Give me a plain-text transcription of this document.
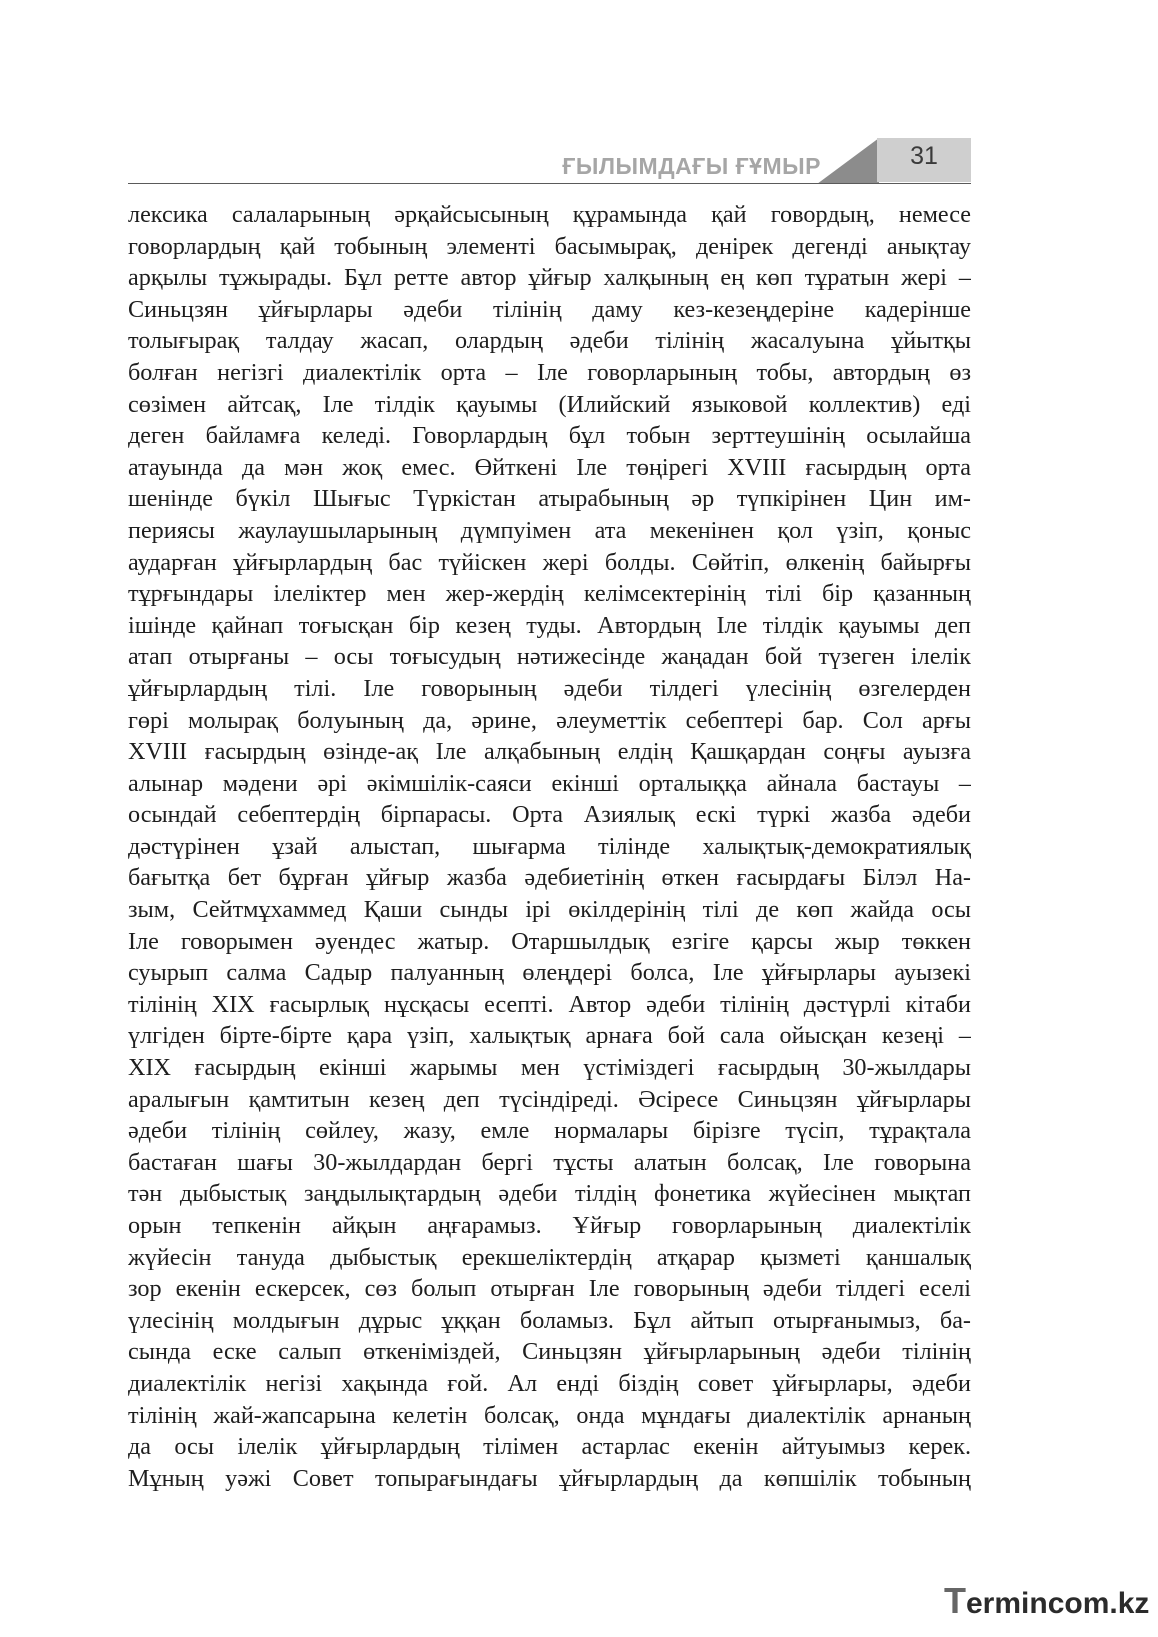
ҒЫЛЫМДАҒЫ ҒҰМЫР	31
лексика салаларының әрқайсысының құрамында қай говордың, немесе
говорлардың қай тобының элементі басымырақ, денірек дегенді анықтау
арқылы тұжырады. Бұл ретте автор ұйғыр халқының ең көп тұратын жері –
Синьцзян ұйғырлары әдеби тілінің даму кез-кезеңдеріне кадерінше
толығырақ талдау жасап, олардың әдеби тілінің жасалуына ұйытқы
болған негізгі диалектілік орта – Іле говорларының тобы, автордың өз
сөзімен айтсақ, Іле тілдік қауымы (Илийский языковой коллектив) еді
деген байламға келеді. Говорлардың бұл тобын зерттеушінің осылайша
атауында да мән жоқ емес. Өйткені Іле төңірегі XVIII ғасырдың орта
шенінде бүкіл Шығыс Түркістан атырабының әр түпкірінен Цин им-
периясы жаулаушыларының дүмпуімен ата мекенінен қол үзіп, қоныс
аударған ұйғырлардың бас түйіскен жері болды. Сөйтіп, өлкенің байырғы
тұрғындары ілеліктер мен жер-жердің келімсектерінің тілі бір қазанның
ішінде қайнап тоғысқан бір кезең туды. Автордың Іле тілдік қауымы деп
атап отырғаны – осы тоғысудың нәтижесінде жаңадан бой түзеген ілелік
ұйғырлардың тілі. Іле говорының әдеби тілдегі үлесінің өзгелерден
гөрі молырақ болуының да, әрине, әлеуметтік себептері бар. Сол арғы
XVIII ғасырдың өзінде-ақ Іле алқабының елдің Қашқардан соңғы ауызға
алынар мәдени әрі әкімшілік-саяси екінші орталыққа айнала бастауы –
осындай себептердің бірпарасы. Орта Азиялық ескі түркі жазба әдеби
дәстүрінен ұзай алыстап, шығарма тілінде халықтық-демократиялық
бағытқа бет бұрған ұйғыр жазба әдебиетінің өткен ғасырдағы Білэл На-
зым, Сейтмұхаммед Қаши сынды ірі өкілдерінің тілі де көп жайда осы
Іле говорымен әуендес жатыр. Отаршылдық езгіге қарсы жыр төккен
суырып салма Садыр палуанның өлеңдері болса, Іле ұйғырлары ауызекі
тілінің XIX ғасырлық нұсқасы есепті. Автор әдеби тілінің дәстүрлі кітаби
үлгіден бірте-бірте қара үзіп, халықтық арнаға бой сала ойысқан кезеңі –
XIX ғасырдың екінші жарымы мен үстіміздегі ғасырдың 30-жылдары
аралығын қамтитын кезең деп түсіндіреді. Әсіресе Синьцзян ұйғырлары
әдеби тілінің сөйлеу, жазу, емле нормалары бірізге түсіп, тұрақтала
бастаған шағы 30-жылдардан бергі тұсты алатын болсақ, Іле говорына
тән дыбыстық заңдылықтардың әдеби тілдің фонетика жүйесінен мықтап
орын тепкенін айқын аңғарамыз. Ұйғыр говорларының диалектілік
жүйесін тануда дыбыстық ерекшеліктердің атқарар қызметі қаншалық
зор екенін ескерсек, сөз болып отырған Іле говорының әдеби тілдегі еселі
үлесінің молдығын дұрыс ұққан боламыз. Бұл айтып отырғанымыз, ба-
сында еске салып өткеніміздей, Синьцзян ұйғырларының әдеби тілінің
диалектілік негізі хақында ғой. Ал енді біздің совет ұйғырлары, әдеби
тілінің жай-жапсарына келетін болсақ, онда мұндағы диалектілік арнаның
да осы ілелік ұйғырлардың тілімен астарлас екенін айтуымыз керек.
Мұның уәжі Совет топырағындағы ұйғырлардың да көпшілік тобының
Termincom.kz
